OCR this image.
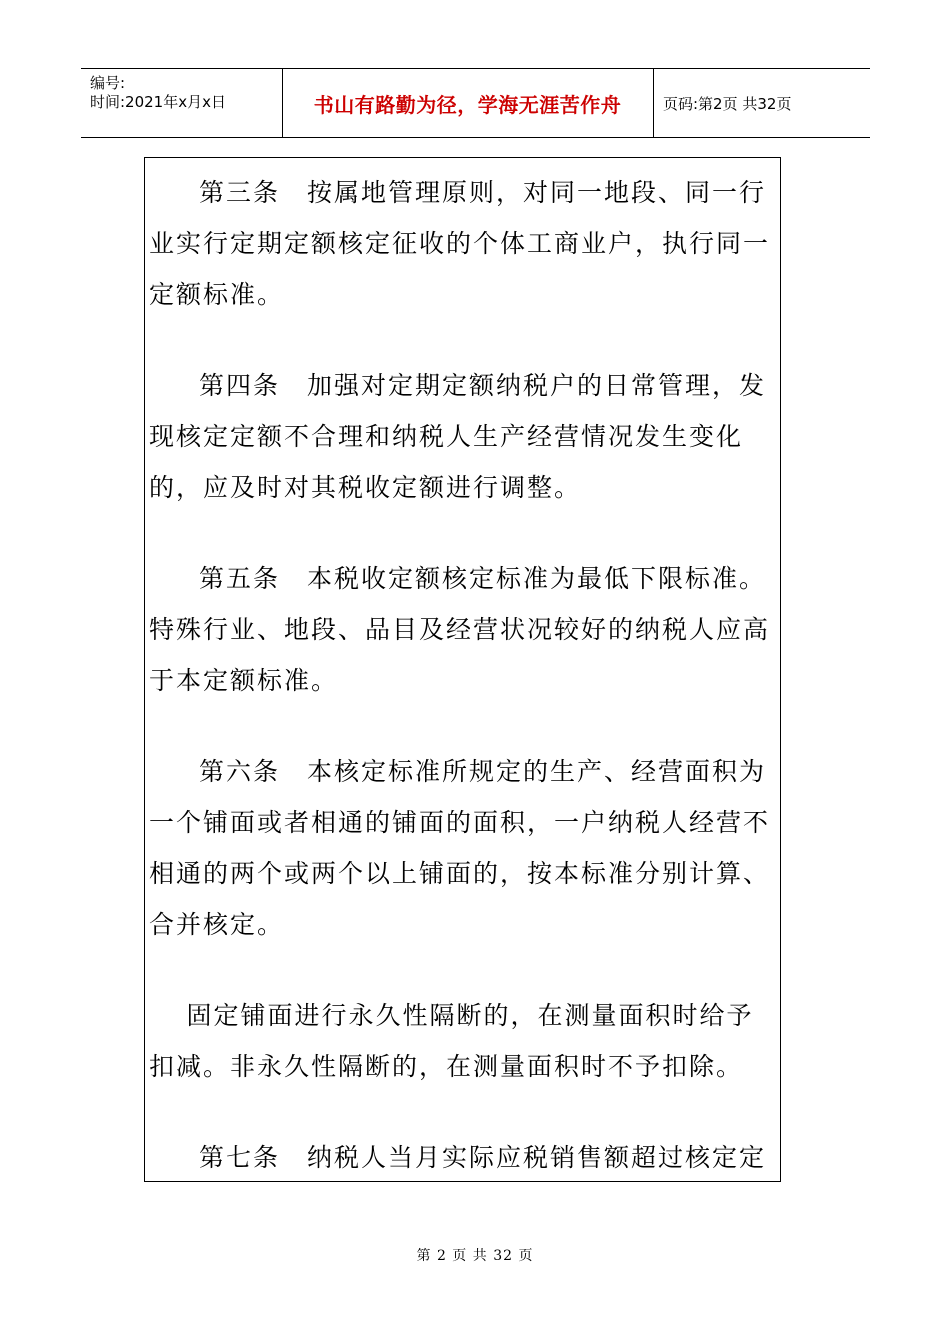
编号:
时间:2021年x月x日	书山有路勤为径，学海无涯苦作舟	页码:第2页 共32页

第三条　按属地管理原则，对同一地段、同一行业实行定期定额核定征收的个体工商业户，执行同一定额标准。

第四条　加强对定期定额纳税户的日常管理，发现核定定额不合理和纳税人生产经营情况发生变化的，应及时对其税收定额进行调整。

第五条　本税收定额核定标准为最低下限标准。特殊行业、地段、品目及经营状况较好的纳税人应高于本定额标准。

第六条　本核定标准所规定的生产、经营面积为一个铺面或者相通的铺面的面积，一户纳税人经营不相通的两个或两个以上铺面的，按本标准分别计算、合并核定。

固定铺面进行永久性隔断的，在测量面积时给予扣减。非永久性隔断的，在测量面积时不予扣除。

第七条　纳税人当月实际应税销售额超过核定定

第 2 页 共 32 页
